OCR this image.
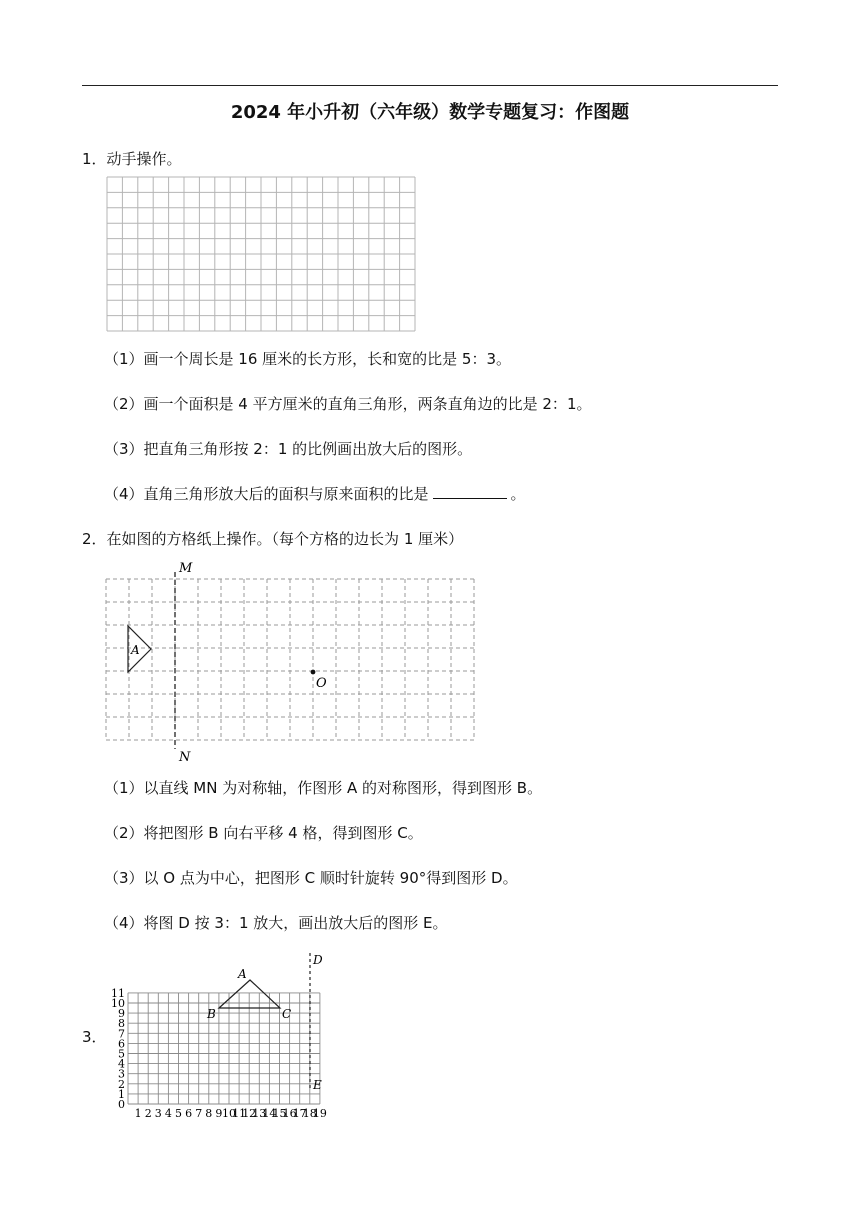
2024 年小升初（六年级）数学专题复习：作图题
1．动手操作。
（1）画一个周长是 16 厘米的长方形，长和宽的比是 5：3。
（2）画一个面积是 4 平方厘米的直角三角形，两条直角边的比是 2：1。
（3）把直角三角形按 2：1 的比例画出放大后的图形。
（4）直角三角形放大后的面积与原来面积的比是	。
2．在如图的方格纸上操作。（每个方格的边长为 1 厘米）
M
N
A
O
（1）以直线 MN 为对称轴，作图形 A 的对称图形，得到图形 B。
（2）将把图形 B 向右平移 4 格，得到图形 C。
（3）以 O 点为中心，把图形 C 顺时针旋转 90°得到图形 D。
（4）将图 D 按 3：1 放大，画出放大后的图形 E。
3．
0
1
2
3
4
5
6
7
8
9
10
11
1 2 3 4 5 6 7 8 9 10
11
12
13
14
15
16
17
18
19
A
B	C
D
E
